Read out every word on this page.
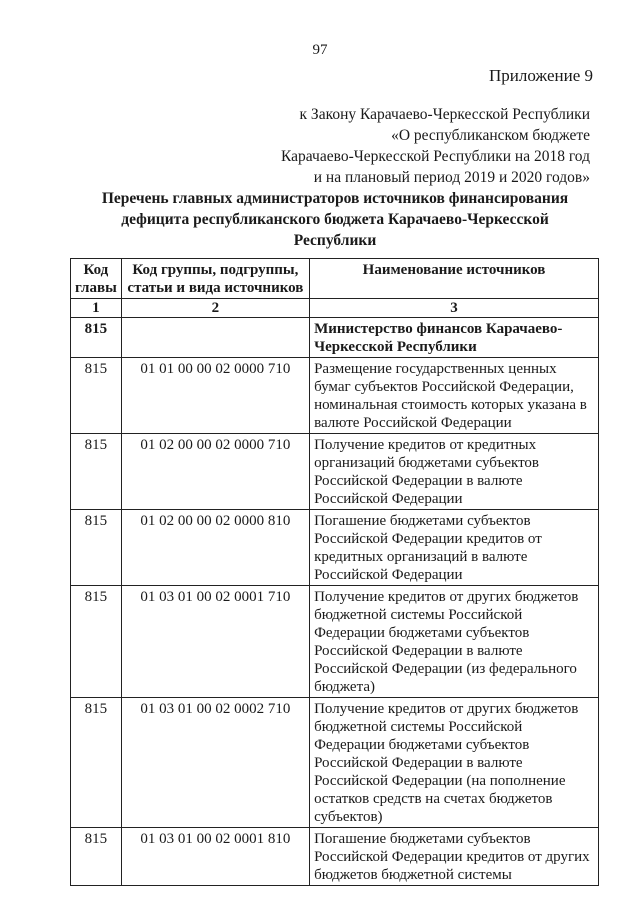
97
Приложение 9
к Закону Карачаево-Черкесской Республики
«О республиканском бюджете
Карачаево-Черкесской Республики на 2018 год
и на плановый период 2019 и 2020 годов»
Перечень главных администраторов источников финансирования дефицита республиканского бюджета Карачаево-Черкесской Республики
Код главы	Код группы, подгруппы, статьи и вида источников	Наименование источников
1	2	3
815		Министерство финансов Карачаево-Черкесской Республики
815	01 01 00 00 02 0000 710	Размещение государственных ценных бумаг субъектов Российской Федерации, номинальная стоимость которых указана в валюте Российской Федерации
815	01 02 00 00 02 0000 710	Получение кредитов от кредитных организаций бюджетами субъектов Российской Федерации в валюте Российской Федерации
815	01 02 00 00 02 0000 810	Погашение бюджетами субъектов Российской Федерации кредитов от кредитных организаций в валюте Российской Федерации
815	01 03 01 00 02 0001 710	Получение кредитов от других бюджетов бюджетной системы Российской Федерации бюджетами субъектов Российской Федерации в валюте Российской Федерации (из федерального бюджета)
815	01 03 01 00 02 0002 710	Получение кредитов от других бюджетов бюджетной системы Российской Федерации бюджетами субъектов Российской Федерации в валюте Российской Федерации (на пополнение остатков средств на счетах бюджетов субъектов)
815	01 03 01 00 02 0001 810	Погашение бюджетами субъектов Российской Федерации кредитов от других бюджетов бюджетной системы
